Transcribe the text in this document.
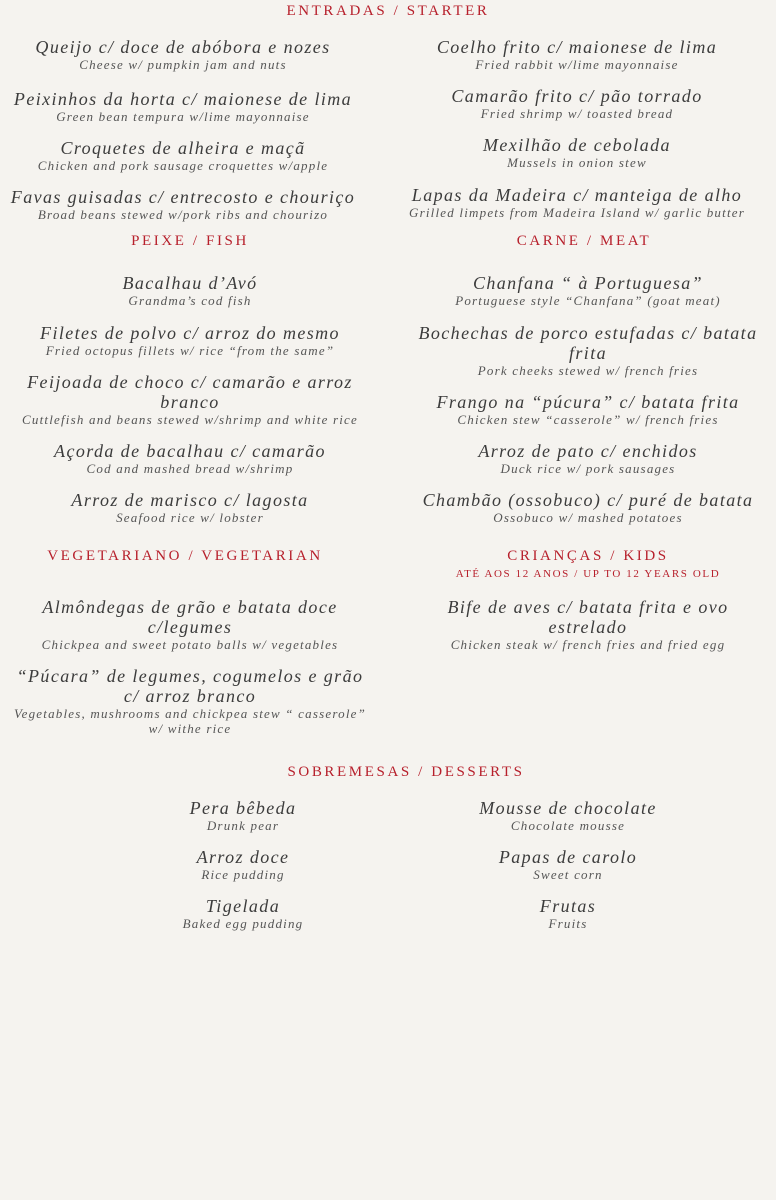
ENTRADAS / STARTER
Queijo c/ doce de abóbora e nozes
Cheese w/ pumpkin jam and nuts
Peixinhos da horta c/ maionese de lima
Green bean tempura w/lime mayonnaise
Croquetes de alheira e maçã
Chicken and pork sausage croquettes w/apple
Favas guisadas c/ entrecosto e chouriço
Broad beans stewed w/pork ribs and chourizo
Coelho frito c/ maionese de lima
Fried rabbit w/lime mayonnaise
Camarão frito c/ pão torrado
Fried shrimp w/ toasted bread
Mexilhão de cebolada
Mussels in onion stew
Lapas da Madeira c/ manteiga de alho
Grilled limpets from Madeira Island w/ garlic butter
PEIXE / FISH
Bacalhau d’Avó
Grandma’s cod fish
Filetes de polvo c/ arroz do mesmo
Fried octopus fillets w/ rice “from the same”
Feijoada de choco c/ camarão e arroz branco
Cuttlefish and beans stewed w/shrimp and white rice
Açorda de bacalhau c/ camarão
Cod and mashed bread w/shrimp
Arroz de marisco c/ lagosta
Seafood rice w/ lobster
CARNE / MEAT
Chanfana “ à Portuguesa”
Portuguese style “Chanfana” (goat meat)
Bochechas de porco estufadas c/ batata frita
Pork cheeks stewed w/ french fries
Frango na “púcura” c/ batata frita
Chicken stew “casserole” w/ french fries
Arroz de pato c/ enchidos
Duck rice w/ pork sausages
Chambão (ossobuco) c/ puré de batata
Ossobuco w/ mashed potatoes
VEGETARIANO / VEGETARIAN
Almôndegas de grão e batata doce c/legumes
Chickpea and sweet potato balls w/ vegetables
“Púcara” de legumes, cogumelos e grão c/ arroz branco
Vegetables, mushrooms and chickpea stew “ casserole” w/ withe rice
CRIANÇAS / KIDS
ATÉ AOS 12 ANOS / UP TO 12 YEARS OLD
Bife de aves c/ batata frita e ovo estrelado
Chicken steak w/ french fries and fried egg
SOBREMESAS / DESSERTS
Pera bêbeda
Drunk pear
Arroz doce
Rice pudding
Tigelada
Baked egg pudding
Mousse de chocolate
Chocolate mousse
Papas de carolo
Sweet corn
Frutas
Fruits
